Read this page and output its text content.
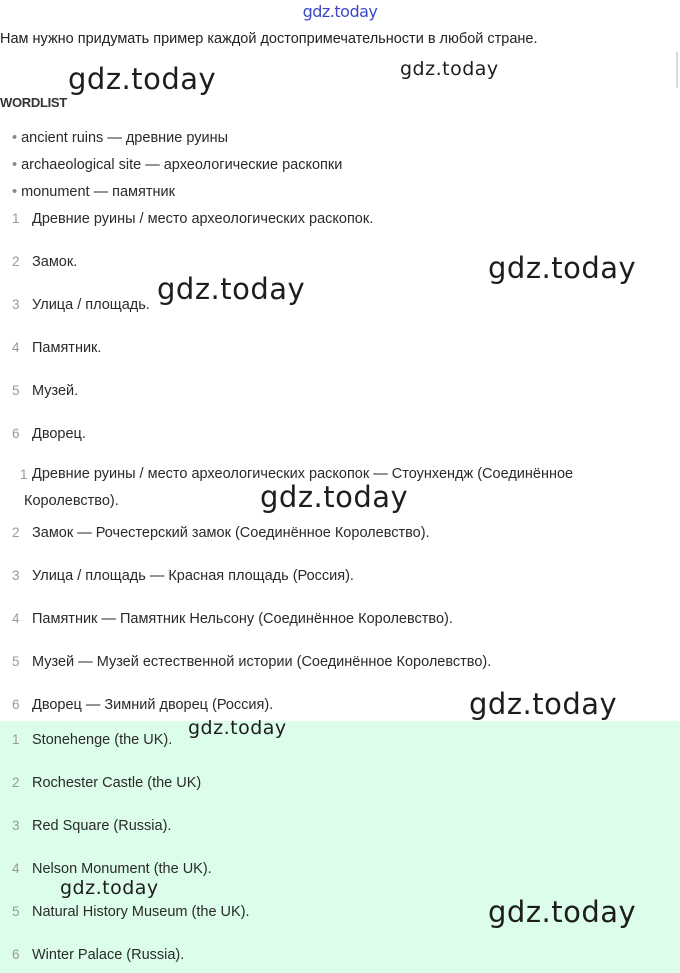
gdz.today

Нам нужно придумать пример каждой достопримечательности в любой стране.

WORDLIST
• ancient ruins — древние руины
• archaeological site — археологические раскопки
• monument — памятник
1 Древние руины / место археологических раскопок.
2 Замок.
3 Улица / площадь.
4 Памятник.
5 Музей.
6 Дворец.
1 Древние руины / место археологических раскопок — Стоунхендж (Соединённое Королевство).
2 Замок — Рочестерский замок (Соединённое Королевство).
3 Улица / площадь — Красная площадь (Россия).
4 Памятник — Памятник Нельсону (Соединённое Королевство).
5 Музей — Музей естественной истории (Соединённое Королевство).
6 Дворец — Зимний дворец (Россия).
1 Stonehenge (the UK).
2 Rochester Castle (the UK)
3 Red Square (Russia).
4 Nelson Monument (the UK).
5 Natural History Museum (the UK).
6 Winter Palace (Russia).
gdz.today	gdz.today
gdz.today
gdz.today
gdz.today
gdz.today
gdz.today
gdz.today
gdz.today
